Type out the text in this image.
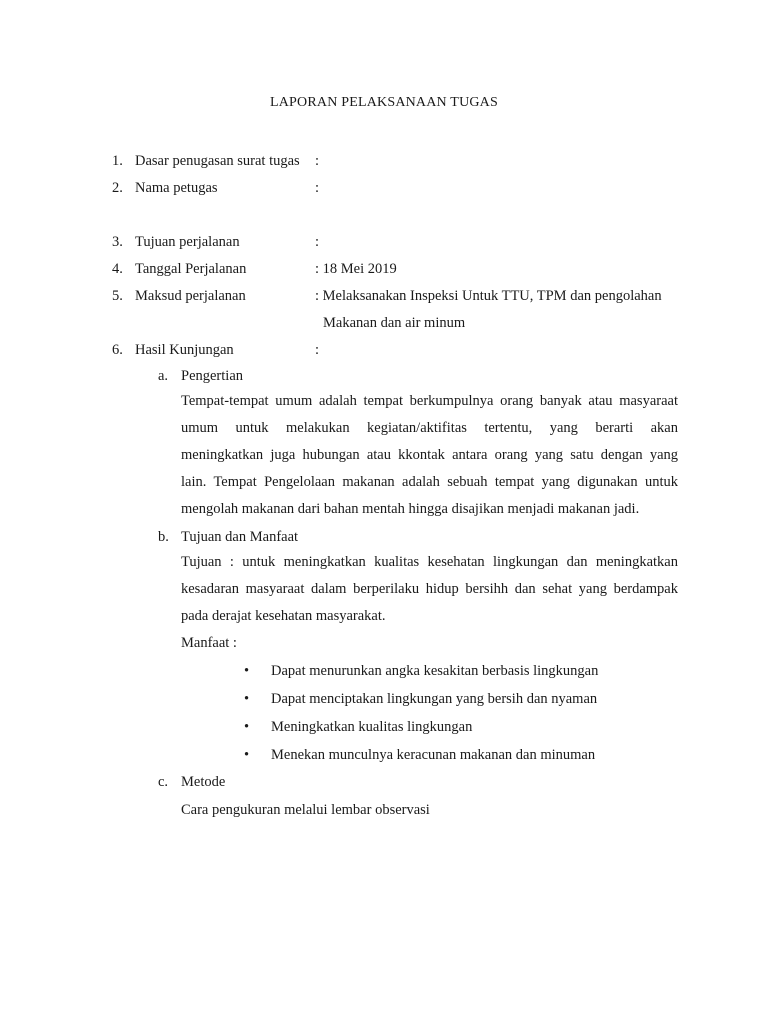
LAPORAN PELAKSANAAN TUGAS
1. Dasar penugasan surat tugas :
2. Nama petugas	:
3. Tujuan perjalanan	:
4. Tanggal Perjalanan	: 18 Mei 2019
5. Maksud perjalanan	: Melaksanakan Inspeksi Untuk TTU, TPM dan pengolahan
Makanan dan air minum
6. Hasil Kunjungan	:
a. Pengertian
Tempat-tempat umum adalah tempat berkumpulnya orang banyak atau masyaraat
umum untuk melakukan kegiatan/aktifitas tertentu, yang berarti akan
meningkatkan juga hubungan atau kkontak antara orang yang satu dengan yang
lain. Tempat Pengelolaan makanan adalah sebuah tempat yang digunakan untuk
mengolah makanan dari bahan mentah hingga disajikan menjadi makanan jadi.
b. Tujuan dan Manfaat
Tujuan : untuk meningkatkan kualitas kesehatan lingkungan dan meningkatkan
kesadaran masyaraat dalam berperilaku hidup bersihh dan sehat yang berdampak
pada derajat kesehatan masyarakat.
Manfaat :
• Dapat menurunkan angka kesakitan berbasis lingkungan
• Dapat menciptakan lingkungan yang bersih dan nyaman
• Meningkatkan kualitas lingkungan
• Menekan munculnya keracunan makanan dan minuman
c. Metode
Cara pengukuran melalui lembar observasi
